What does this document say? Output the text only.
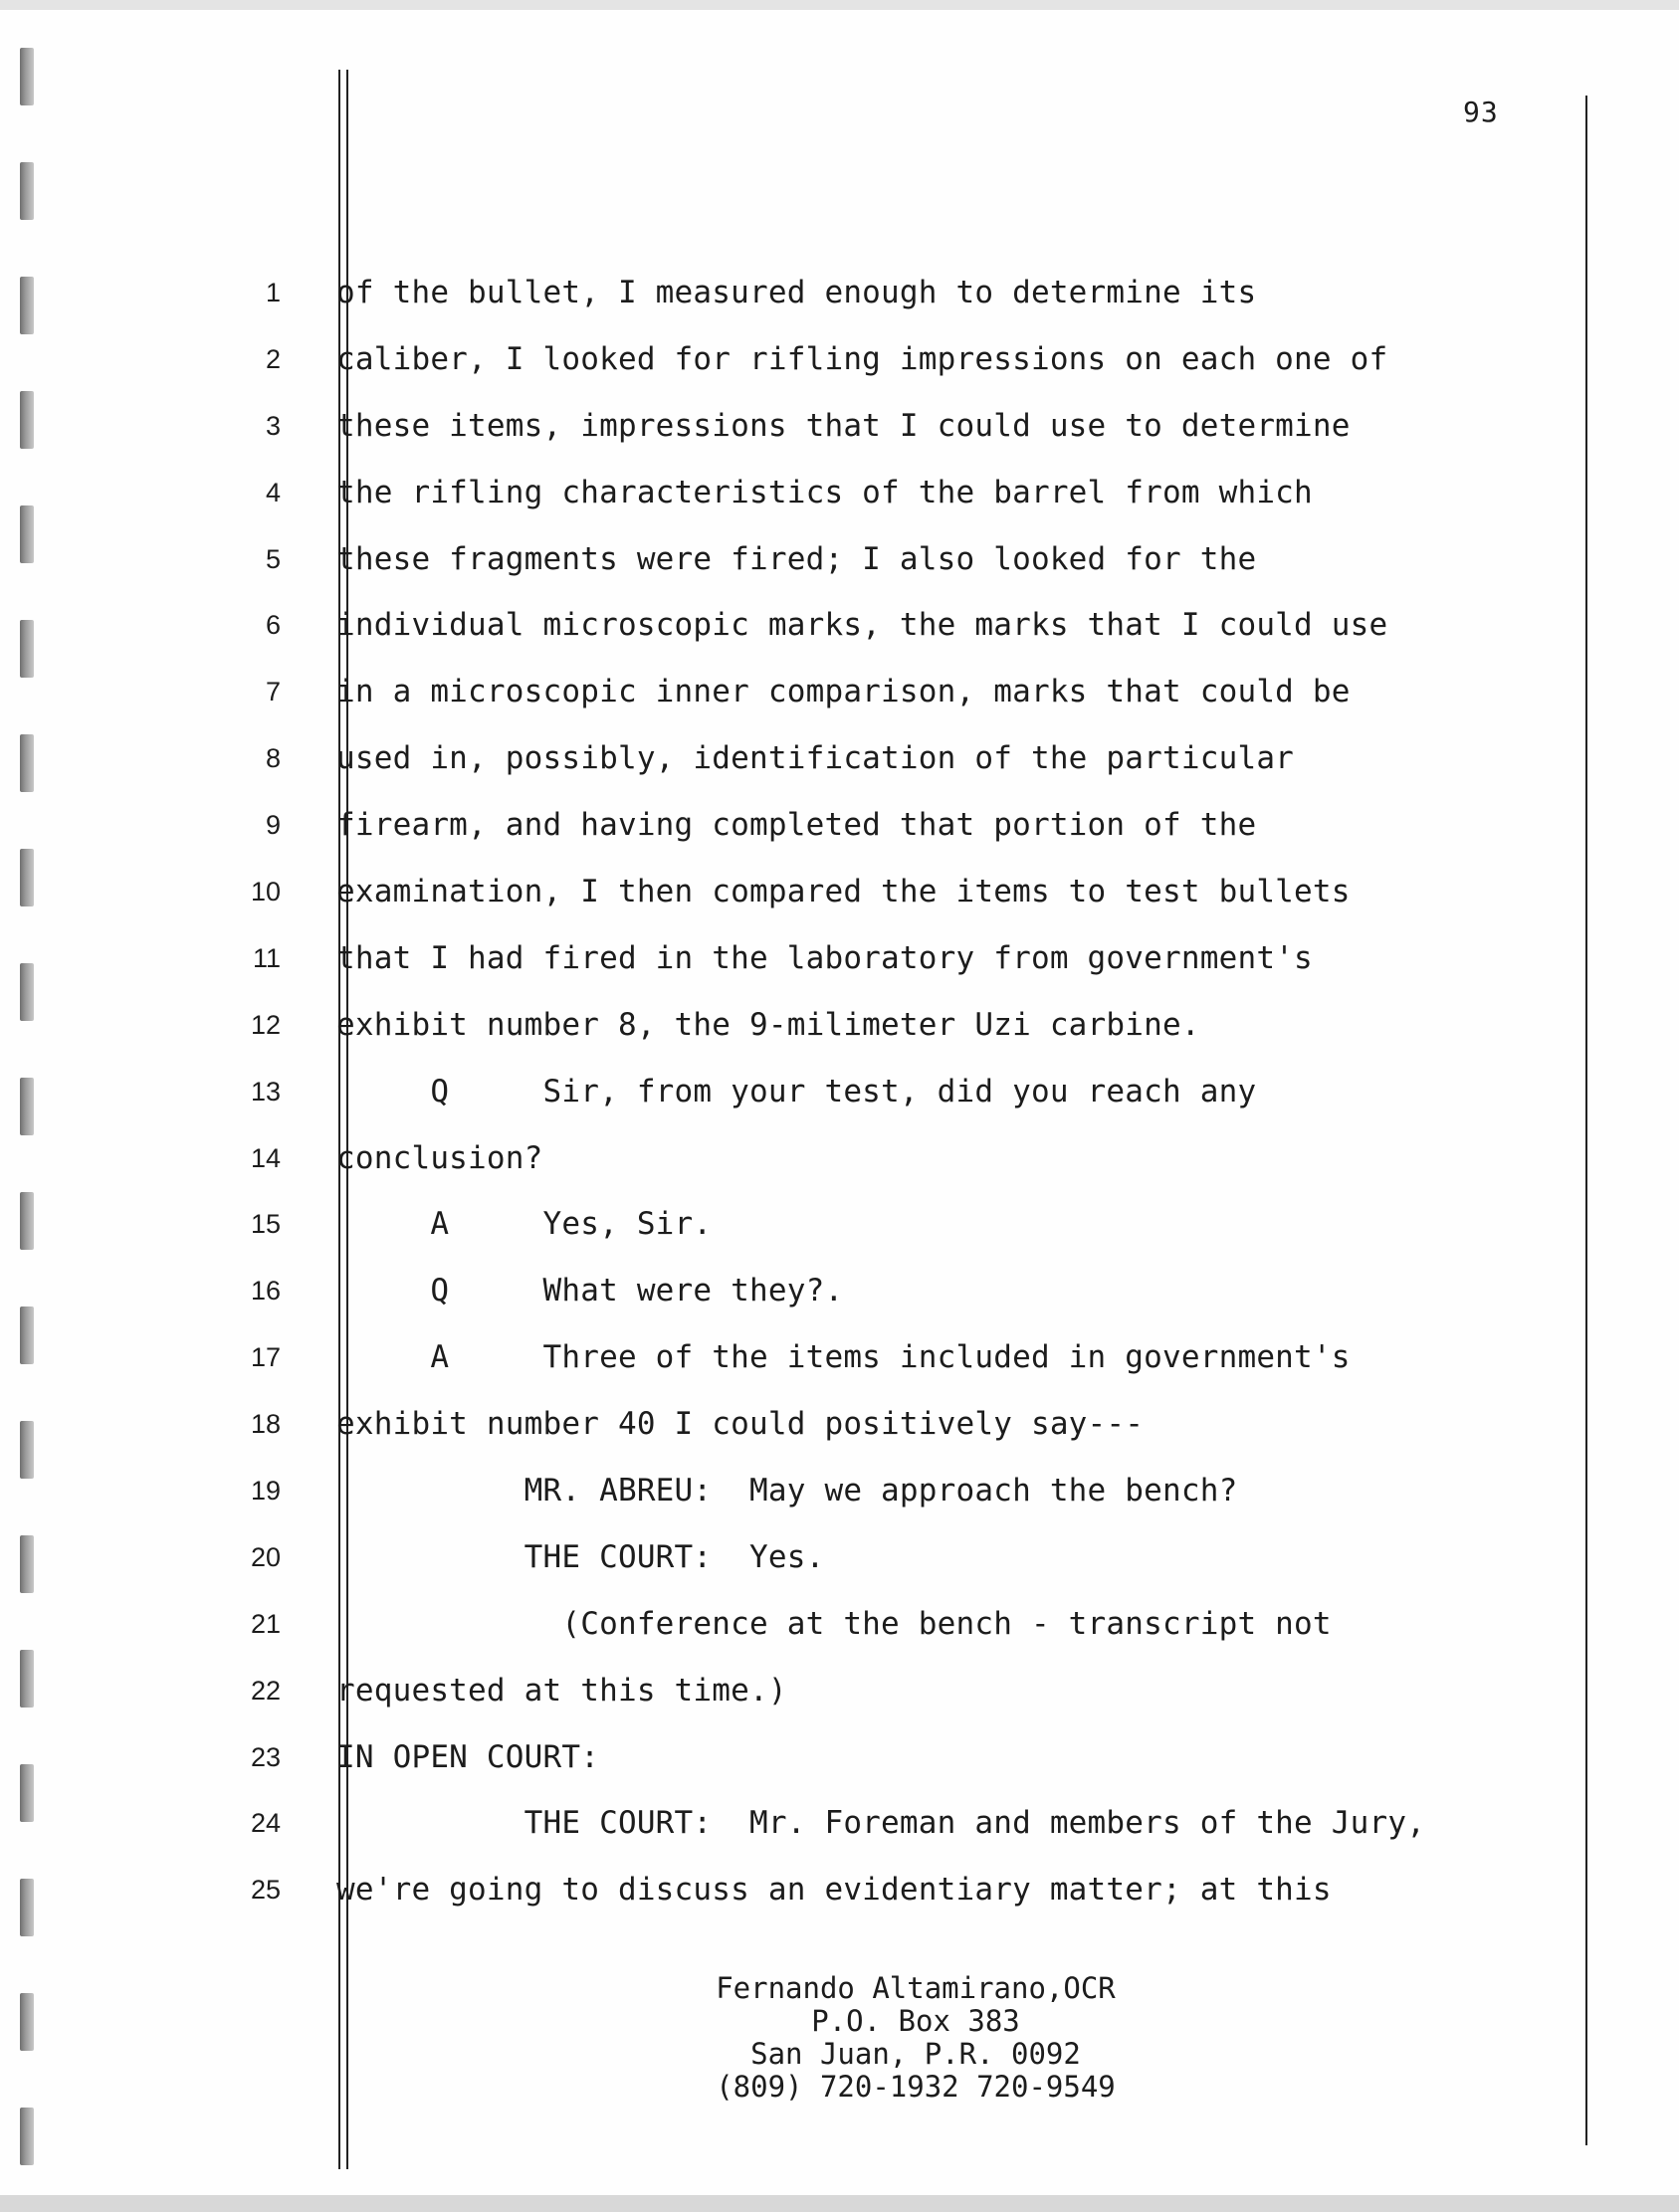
93
1
2
3
4
5
6
7
8
9
10
11
12
13
14
15
16
17
18
19
20
21
22
23
24
25
of the bullet, I measured enough to determine its
caliber, I looked for rifling impressions on each one of
these items, impressions that I could use to determine
the rifling characteristics of the barrel from which
these fragments were fired; I also looked for the
individual microscopic marks, the marks that I could use
in a microscopic inner comparison, marks that could be
used in, possibly, identification of the particular
firearm, and having completed that portion of the
examination, I then compared the items to test bullets
that I had fired in the laboratory from government's
exhibit number 8, the 9-milimeter Uzi carbine.
Q     Sir, from your test, did you reach any
conclusion?
A     Yes, Sir.
Q     What were they?.
A     Three of the items included in government's
exhibit number 40 I could positively say---
MR. ABREU:  May we approach the bench?
THE COURT:  Yes.
(Conference at the bench - transcript not
requested at this time.)
IN OPEN COURT:
THE COURT:  Mr. Foreman and members of the Jury,
we're going to discuss an evidentiary matter; at this
Fernando Altamirano,OCR
P.O. Box 383
San Juan, P.R. 0092
(809) 720-1932 720-9549
